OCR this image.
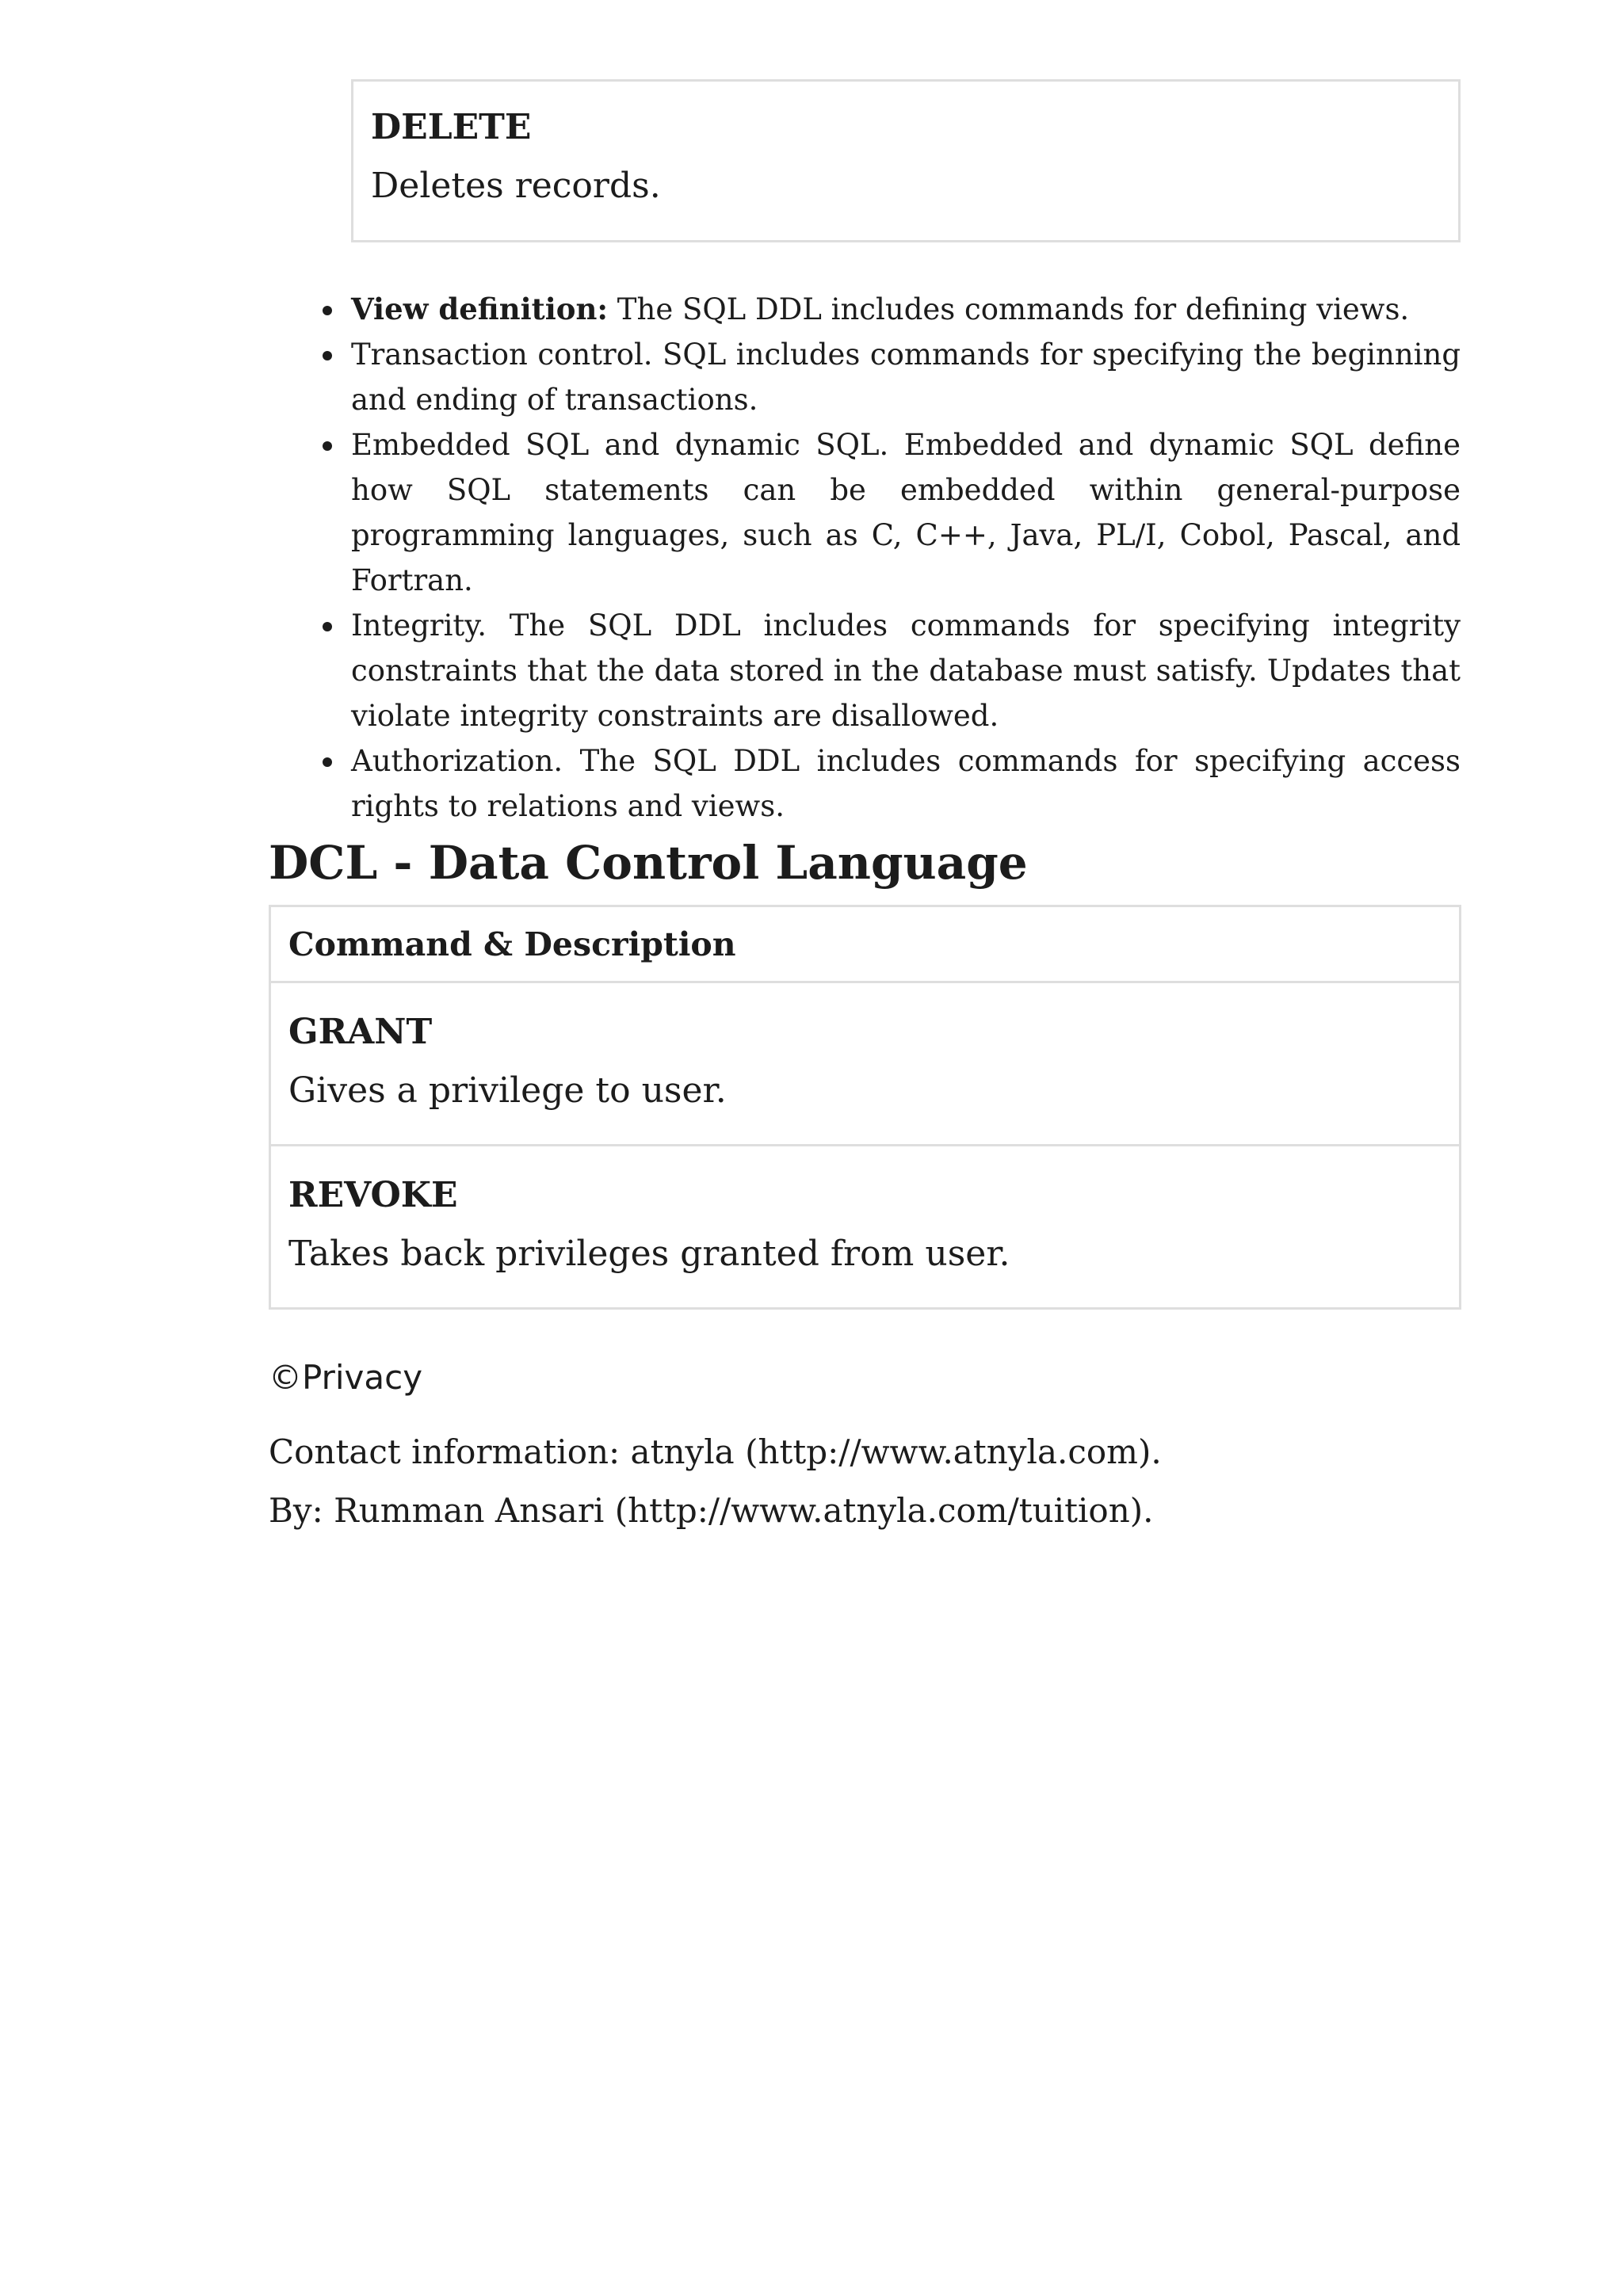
DELETE

Deletes records.

View definition: The SQL DDL includes commands for defining views.
Transaction control. SQL includes commands for specifying the beginning and ending of transactions.
Embedded SQL and dynamic SQL. Embedded and dynamic SQL define how SQL statements can be embedded within general-purpose programming languages, such as C, C++, Java, PL/I, Cobol, Pascal, and Fortran.
Integrity. The SQL DDL includes commands for specifying integrity constraints that the data stored in the database must satisfy. Updates that violate integrity constraints are disallowed.
Authorization. The SQL DDL includes commands for specifying access rights to relations and views.
DCL - Data Control Language
Command & Description

GRANT

Gives a privilege to user.

REVOKE

Takes back privileges granted from user.

©Privacy

Contact information: atnyla (http://www.atnyla.com).

By: Rumman Ansari (http://www.atnyla.com/tuition).
